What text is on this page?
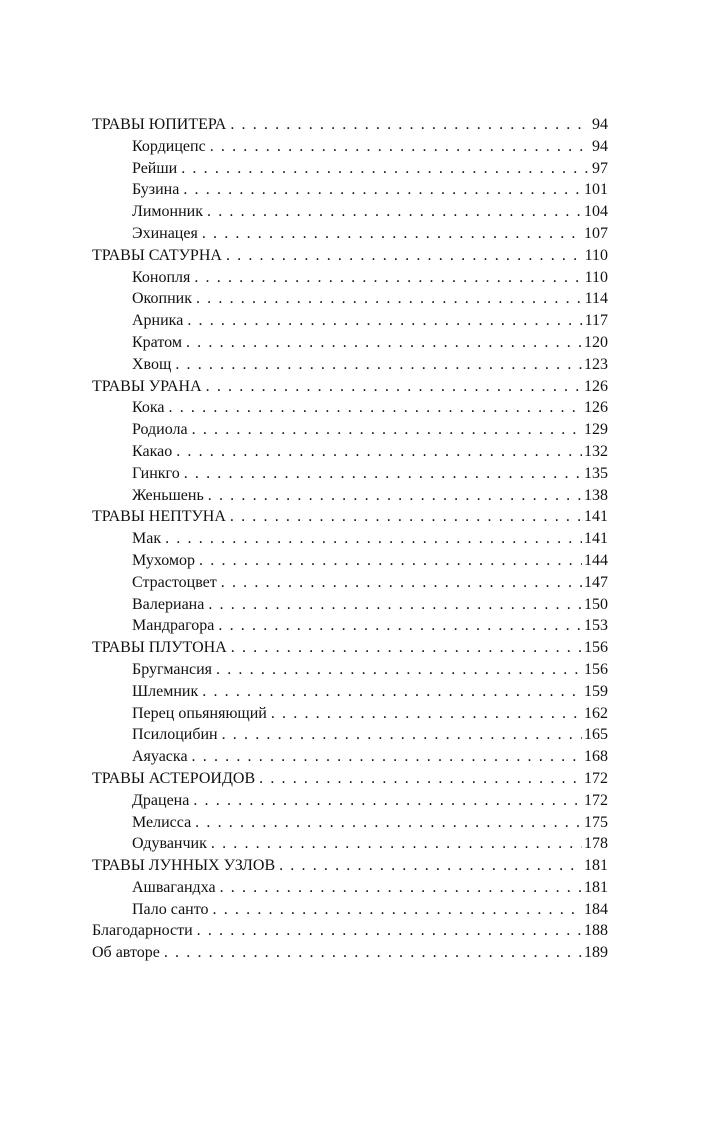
ТРАВЫ ЮПИТЕРА . . .	94
Кордицепс . . .	94
Рейши . . .	97
Бузина . . .	101
Лимонник . . .	104
Эхинацея . . .	107
ТРАВЫ САТУРНА . . .	110
Конопля . . .	110
Окопник . . .	114
Арника . . .	117
Кратом . . .	120
Хвощ . . .	123
ТРАВЫ УРАНА . . .	126
Кока . . .	126
Родиола . . .	129
Какао . . .	132
Гинкго . . .	135
Женьшень . . .	138
ТРАВЫ НЕПТУНА . . .	141
Мак . . .	141
Мухомор . . .	144
Страстоцвет . . .	147
Валериана . . .	150
Мандрагора . . .	153
ТРАВЫ ПЛУТОНА . . .	156
Бругмансия . . .	156
Шлемник . . .	159
Перец опьяняющий . . .	162
Псилоцибин . . .	165
Аяуаска . . .	168
ТРАВЫ АСТЕРОИДОВ . . .	172
Драцена . . .	172
Мелисса . . .	175
Одуванчик . . .	178
ТРАВЫ ЛУННЫХ УЗЛОВ . . .	181
Ашвагандха . . .	181
Пало санто . . .	184
Благодарности . . .	188
Об авторе . . .	189
